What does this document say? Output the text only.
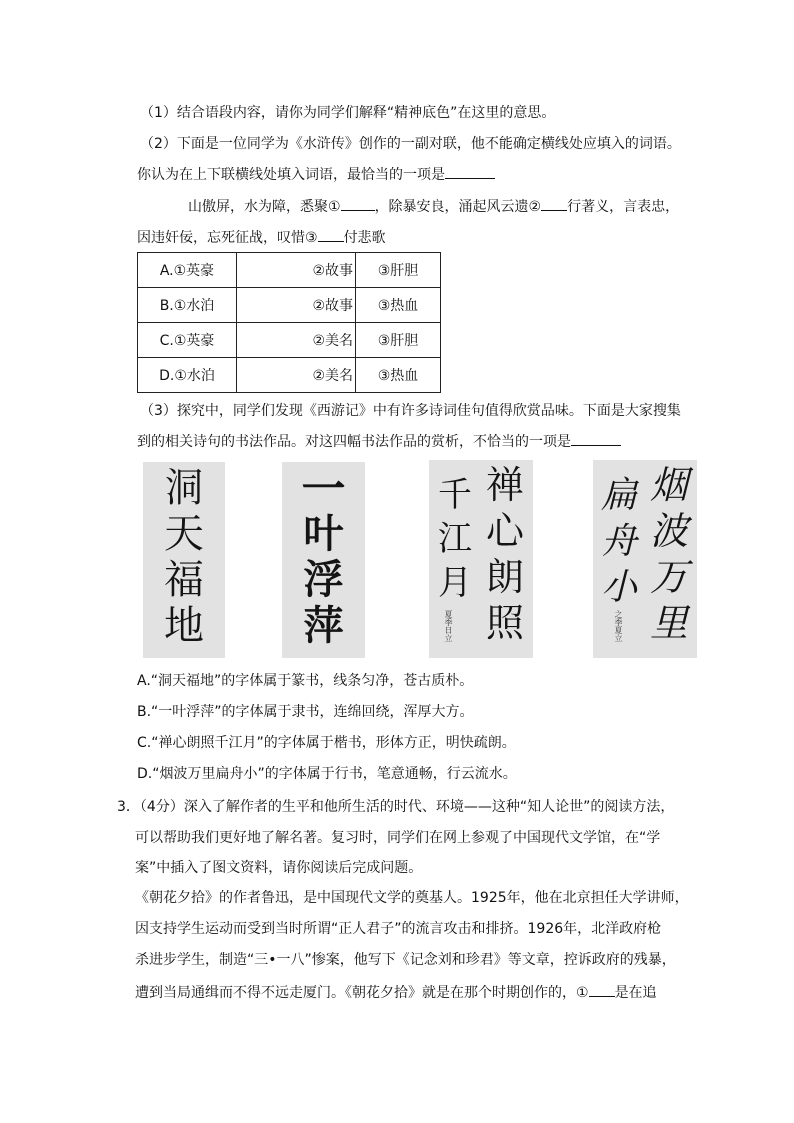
（1）结合语段内容，请你为同学们解释“精神底色”在这里的意思。
（2）下面是一位同学为《水浒传》创作的一副对联，他不能确定横线处应填入的词语。
你认为在上下联横线处填入词语，最恰当的一项是
山傲屏，水为障，悉聚① ，除暴安良，涌起风云遗② 行著义，言表忠，
因违奸佞，忘死征战，叹惜③ 付悲歌
A.①英豪	②故事	③肝胆
B.①水泊	②故事	③热血
C.①英豪	②美名	③肝胆
D.①水泊	②美名	③热血
（3）探究中，同学们发现《西游记》中有许多诗词佳句值得欣赏品味。下面是大家搜集
到的相关诗句的书法作品。对这四幅书法作品的赏析，不恰当的一项是
洞
天
福
地
一
叶
浮
萍
禅
心
朗
照
千
江
月
夏季日立
烟
波
万
里
扁
舟
小
之季夏立
A.“洞天福地”的字体属于篆书，线条匀净，苍古质朴。
B.“一叶浮萍”的字体属于隶书，连绵回绕，浑厚大方。
C.“禅心朗照千江月”的字体属于楷书，形体方正，明快疏朗。
D.“烟波万里扁舟小”的字体属于行书，笔意通畅，行云流水。
3．（4分）深入了解作者的生平和他所生活的时代、环境——这种“知人论世”的阅读方法，
可以帮助我们更好地了解名著。复习时，同学们在网上参观了中国现代文学馆，在“学
案”中插入了图文资料，请你阅读后完成问题。
《朝花夕拾》的作者鲁迅，是中国现代文学的奠基人。1925年，他在北京担任大学讲师，
因支持学生运动而受到当时所谓“正人君子”的流言攻击和排挤。1926年，北洋政府枪
杀进步学生，制造“三•一八”惨案，他写下《记念刘和珍君》等文章，控诉政府的残暴，
遭到当局通缉而不得不远走厦门。《朝花夕拾》就是在那个时期创作的，① 是在追
